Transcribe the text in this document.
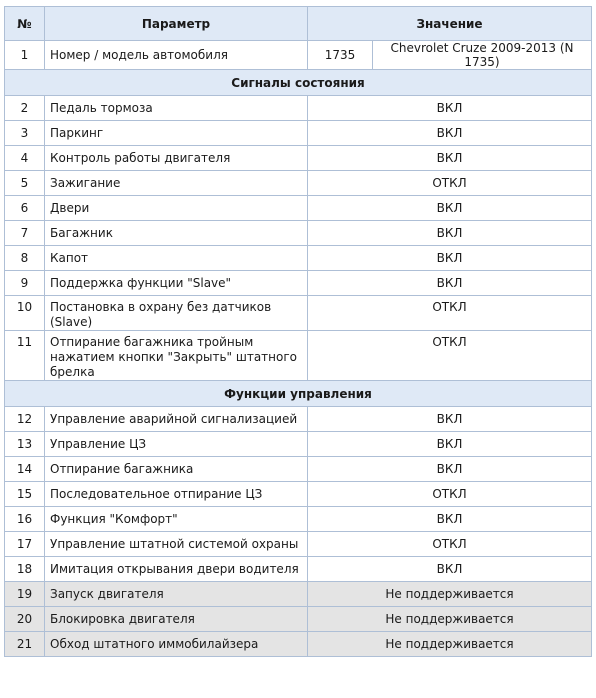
№	Параметр	Значение	
1	Номер / модель автомобиля	1735	Chevrolet Cruze 2009-2013 (N 1735)
Сигналы состояния			
2	Педаль тормоза	ВКЛ	
3	Паркинг	ВКЛ	
4	Контроль работы двигателя	ВКЛ	
5	Зажигание	ОТКЛ	
6	Двери	ВКЛ	
7	Багажник	ВКЛ	
8	Капот	ВКЛ	
9	Поддержка функции "Slave"	ВКЛ	
10	Постановка в охрану без датчиков (Slave)	ОТКЛ	
11	Отпирание багажника тройным нажатием кнопки "Закрыть" штатного брелка	ОТКЛ	
Функции управления			
12	Управление аварийной сигнализацией	ВКЛ	
13	Управление ЦЗ	ВКЛ	
14	Отпирание багажника	ВКЛ	
15	Последовательное отпирание ЦЗ	ОТКЛ	
16	Функция "Комфорт"	ВКЛ	
17	Управление штатной системой охраны	ОТКЛ	
18	Имитация открывания двери водителя	ВКЛ	
19	Запуск двигателя	Не поддерживается	
20	Блокировка двигателя	Не поддерживается	
21	Обход штатного иммобилайзера	Не поддерживается	
